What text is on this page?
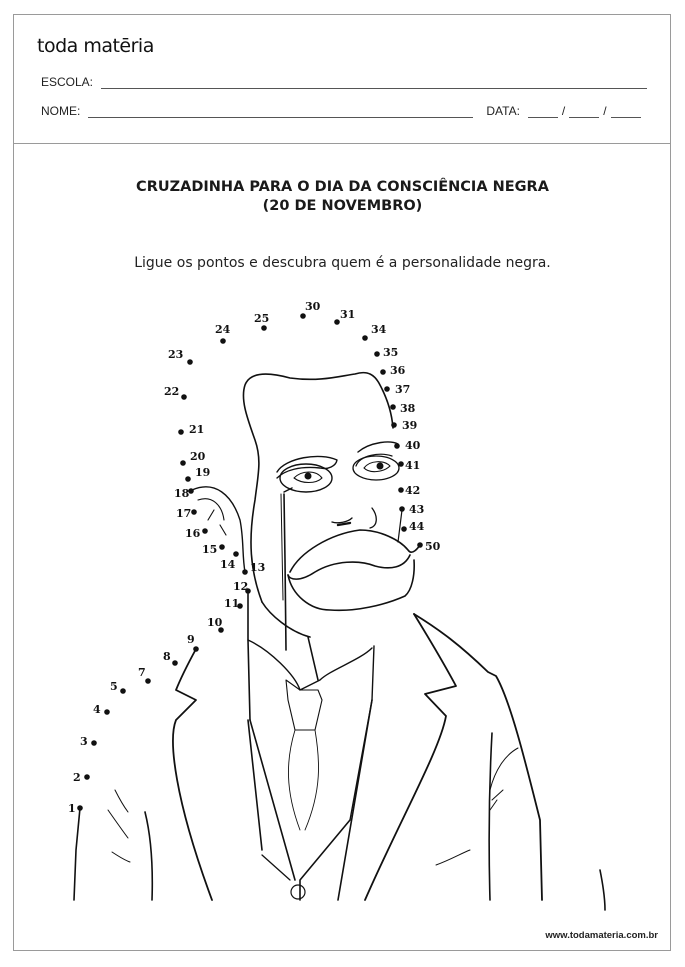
toda matēria
ESCOLA:
NOME:	DATA:	/	/
CRUZADINHA PARA O DIA DA CONSCIÊNCIA NEGRA
(20 DE NOVEMBRO)
Ligue os pontos e descubra quem é a personalidade negra.
1
2
3
4
5
7
8
9
10
11
12
13
14
15
16
17
18
19
20
21
22
23
24
25
30
31
34
35
36
37
38
39
40
41
42
43
44
50
www.todamateria.com.br
